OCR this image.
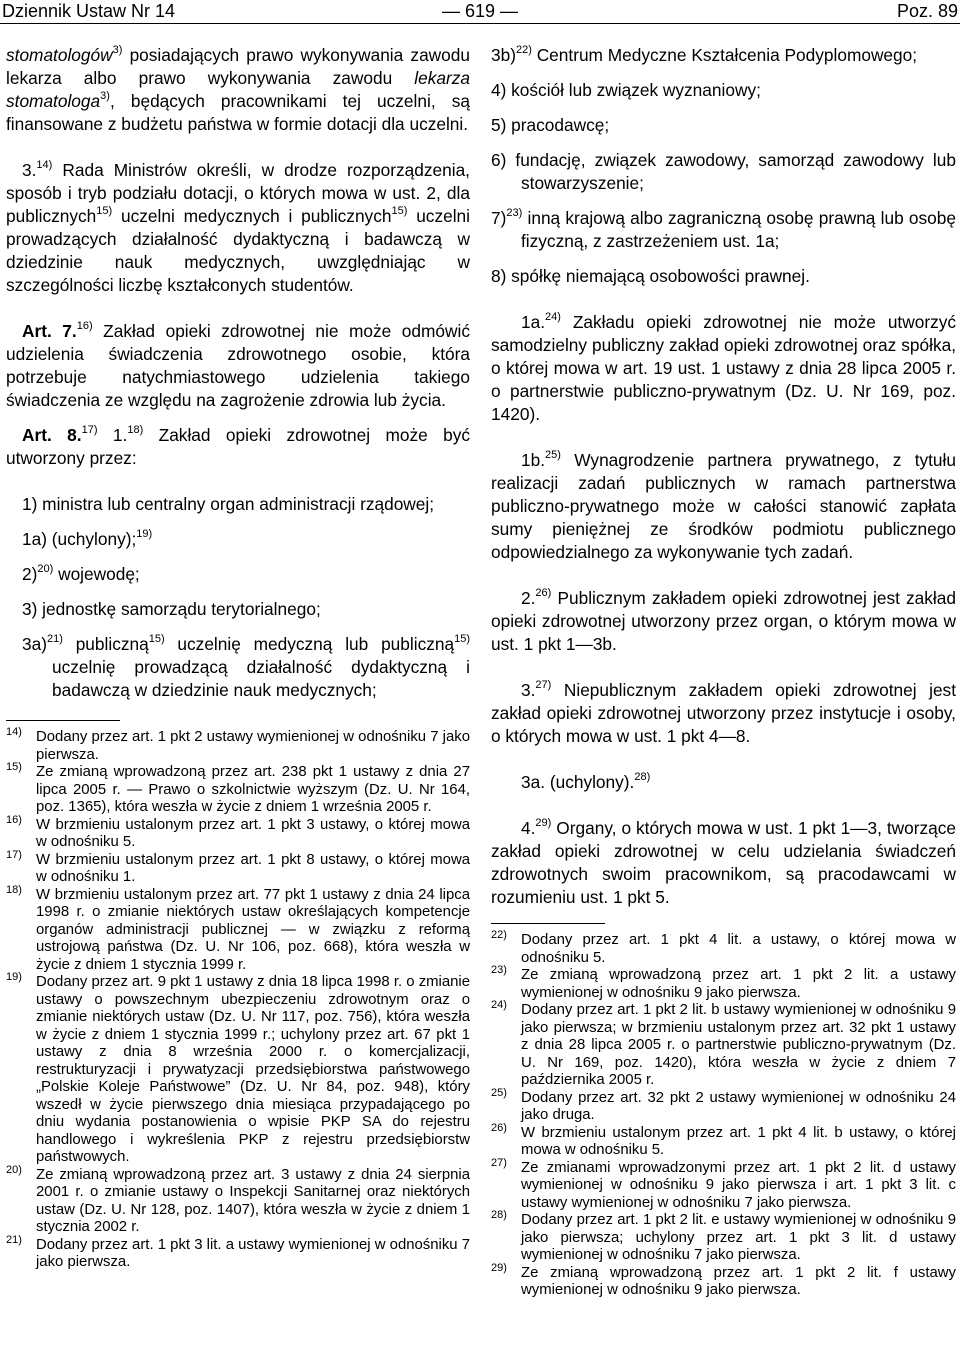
— 619 —
Dziennik Ustaw Nr 14	Poz. 89

stomatologów$^{3)}$ posiadających prawo wykonywania zawodu lekarza albo prawo wykonywania zawodu lekarza stomatologa$^{3)}$, będących pracownikami tej uczelni, są finansowane z budżetu państwa w formie dotacji dla uczelni.

3.$^{14)}$ Rada Ministrów określi, w drodze rozporządzenia, sposób i tryb podziału dotacji, o których mowa w ust. 2, dla publicznych$^{15)}$ uczelni medycznych i publicznych$^{15)}$ uczelni prowadzących działalność dydaktyczną i badawczą w dziedzinie nauk medycznych, uwzględniając w szczególności liczbę kształconych studentów.

Art. 7.$^{16)}$ Zakład opieki zdrowotnej nie może odmówić udzielenia świadczenia zdrowotnego osobie, która potrzebuje natychmiastowego udzielenia takiego świadczenia ze względu na zagrożenie zdrowia lub życia.

Art. 8.$^{17)}$ 1.$^{18)}$ Zakład opieki zdrowotnej może być utworzony przez:

1) ministra lub centralny organ administracji rządowej;

1a) (uchylony);$^{19)}$

2)$^{20)}$ wojewodę;

3) jednostkę samorządu terytorialnego;

3a)$^{21)}$ publiczną$^{15)}$ uczelnię medyczną lub publiczną$^{15)}$ uczelnię prowadzącą działalność dydaktyczną i badawczą w dziedzinie nauk medycznych;

14) Dodany przez art. 1 pkt 2 ustawy wymienionej w odnośniku 7 jako pierwsza.
15) Ze zmianą wprowadzoną przez art. 238 pkt 1 ustawy z dnia 27 lipca 2005 r. — Prawo o szkolnictwie wyższym (Dz. U. Nr 164, poz. 1365), która weszła w życie z dniem 1 września 2005 r.
16) W brzmieniu ustalonym przez art. 1 pkt 3 ustawy, o której mowa w odnośniku 5.
17) W brzmieniu ustalonym przez art. 1 pkt 8 ustawy, o której mowa w odnośniku 1.
18) W brzmieniu ustalonym przez art. 77 pkt 1 ustawy z dnia 24 lipca 1998 r. o zmianie niektórych ustaw określających kompetencje organów administracji publicznej — w związku z reformą ustrojową państwa (Dz. U. Nr 106, poz. 668), która weszła w życie z dniem 1 stycznia 1999 r.
19) Dodany przez art. 9 pkt 1 ustawy z dnia 18 lipca 1998 r. o zmianie ustawy o powszechnym ubezpieczeniu zdrowotnym oraz o zmianie niektórych ustaw (Dz. U. Nr 117, poz. 756), która weszła w życie z dniem 1 stycznia 1999 r.; uchylony przez art. 67 pkt 1 ustawy z dnia 8 września 2000 r. o komercjalizacji, restrukturyzacji i prywatyzacji przedsiębiorstwa państwowego „Polskie Koleje Państwowe” (Dz. U. Nr 84, poz. 948), który wszedł w życie pierwszego dnia miesiąca przypadającego po dniu wydania postanowienia o wpisie PKP SA do rejestru handlowego i wykreślenia PKP z rejestru przedsiębiorstw państwowych.
20) Ze zmianą wprowadzoną przez art. 3 ustawy z dnia 24 sierpnia 2001 r. o zmianie ustawy o Inspekcji Sanitarnej oraz niektórych ustaw (Dz. U. Nr 128, poz. 1407), która weszła w życie z dniem 1 stycznia 2002 r.
21) Dodany przez art. 1 pkt 3 lit. a ustawy wymienionej w odnośniku 7 jako pierwsza.

3b)$^{22)}$ Centrum Medyczne Kształcenia Podyplomowego;

4) kościół lub związek wyznaniowy;

5) pracodawcę;

6) fundację, związek zawodowy, samorząd zawodowy lub stowarzyszenie;

7)$^{23)}$ inną krajową albo zagraniczną osobę prawną lub osobę fizyczną, z zastrzeżeniem ust. 1a;

8) spółkę niemającą osobowości prawnej.

1a.$^{24)}$ Zakładu opieki zdrowotnej nie może utworzyć samodzielny publiczny zakład opieki zdrowotnej oraz spółka, o której mowa w art. 19 ust. 1 ustawy z dnia 28 lipca 2005 r. o partnerstwie publiczno-prywatnym (Dz. U. Nr 169, poz. 1420).

1b.$^{25)}$ Wynagrodzenie partnera prywatnego, z tytułu realizacji zadań publicznych w ramach partnerstwa publiczno-prywatnego może w całości stanowić zapłata sumy pieniężnej ze środków podmiotu publicznego odpowiedzialnego za wykonywanie tych zadań.

2.$^{26)}$ Publicznym zakładem opieki zdrowotnej jest zakład opieki zdrowotnej utworzony przez organ, o którym mowa w ust. 1 pkt 1—3b.

3.$^{27)}$ Niepublicznym zakładem opieki zdrowotnej jest zakład opieki zdrowotnej utworzony przez instytucje i osoby, o których mowa w ust. 1 pkt 4—8.

3a. (uchylony).$^{28)}$

4.$^{29)}$ Organy, o których mowa w ust. 1 pkt 1—3, tworzące zakład opieki zdrowotnej w celu udzielania świadczeń zdrowotnych swoim pracownikom, są pracodawcami w rozumieniu ust. 1 pkt 5.

22) Dodany przez art. 1 pkt 4 lit. a ustawy, o której mowa w odnośniku 5.
23) Ze zmianą wprowadzoną przez art. 1 pkt 2 lit. a ustawy wymienionej w odnośniku 9 jako pierwsza.
24) Dodany przez art. 1 pkt 2 lit. b ustawy wymienionej w odnośniku 9 jako pierwsza; w brzmieniu ustalonym przez art. 32 pkt 1 ustawy z dnia 28 lipca 2005 r. o partnerstwie publiczno-prywatnym (Dz. U. Nr 169, poz. 1420), która weszła w życie z dniem 7 października 2005 r.
25) Dodany przez art. 32 pkt 2 ustawy wymienionej w odnośniku 24 jako druga.
26) W brzmieniu ustalonym przez art. 1 pkt 4 lit. b ustawy, o której mowa w odnośniku 5.
27) Ze zmianami wprowadzonymi przez art. 1 pkt 2 lit. d ustawy wymienionej w odnośniku 9 jako pierwsza i art. 1 pkt 3 lit. c ustawy wymienionej w odnośniku 7 jako pierwsza.
28) Dodany przez art. 1 pkt 2 lit. e ustawy wymienionej w odnośniku 9 jako pierwsza; uchylony przez art. 1 pkt 3 lit. d ustawy wymienionej w odnośniku 7 jako pierwsza.
29) Ze zmianą wprowadzoną przez art. 1 pkt 2 lit. f ustawy wymienionej w odnośniku 9 jako pierwsza.
